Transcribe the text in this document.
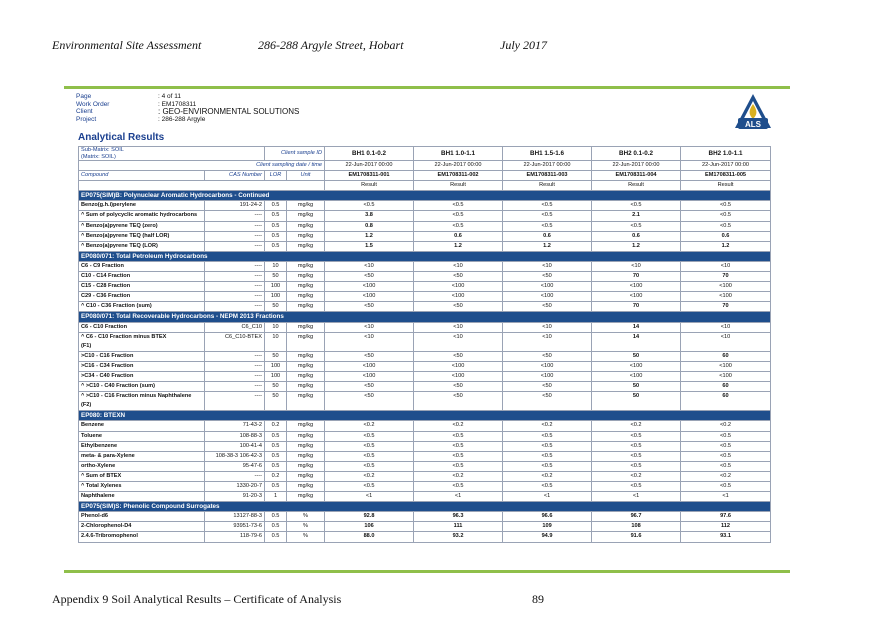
Environmental Site Assessment	286-288 Argyle Street, Hobart	July 2017
Page	: 4 of 11
Work Order	: EM1708311
Client	: GEO-ENVIRONMENTAL SOLUTIONS
Project	: 286-288 Argyle
ALS
Analytical Results
Sub-Matrix: SOIL
(Matrix: SOIL)		Client sample ID		BH1 0.1-0.2	BH1 1.0-1.1	BH1 1.5-1.6	BH2 0.1-0.2	BH2 1.0-1.1
Client sampling date / time				22-Jun-2017 00:00	22-Jun-2017 00:00	22-Jun-2017 00:00	22-Jun-2017 00:00	22-Jun-2017 00:00
Compound	CAS Number	LOR	Unit	EM1708311-001	EM1708311-002	EM1708311-003	EM1708311-004	EM1708311-005
				Result	Result	Result	Result	Result
EP075(SIM)B: Polynuclear Aromatic Hydrocarbons - Continued								

Benzo(g.h.i)perylene	191-24-2	0.5	mg/kg	<0.5	<0.5	<0.5	<0.5	<0.5

^ Sum of polycyclic aromatic hydrocarbons	----	0.5	mg/kg	3.8	<0.5	<0.5	2.1	<0.5

^ Benzo(a)pyrene TEQ (zero)	----	0.5	mg/kg	0.8	<0.5	<0.5	<0.5	<0.5

^ Benzo(a)pyrene TEQ (half LOR)	----	0.5	mg/kg	1.2	0.6	0.6	0.6	0.6

^ Benzo(a)pyrene TEQ (LOR)	----	0.5	mg/kg	1.5	1.2	1.2	1.2	1.2
EP080/071: Total Petroleum Hydrocarbons								

C6 - C9 Fraction	----	10	mg/kg	<10	<10	<10	<10	<10

C10 - C14 Fraction	----	50	mg/kg	<50	<50	<50	70	70

C15 - C28 Fraction	----	100	mg/kg	<100	<100	<100	<100	<100

C29 - C36 Fraction	----	100	mg/kg	<100	<100	<100	<100	<100

^ C10 - C36 Fraction (sum)	----	50	mg/kg	<50	<50	<50	70	70
EP080/071: Total Recoverable Hydrocarbons - NEPM 2013 Fractions								

C6 - C10 Fraction	C6_C10	10	mg/kg	<10	<10	<10	14	<10

^ C6 - C10 Fraction minus BTEX
(F1)	C6_C10-BTEX	10	mg/kg	<10	<10	<10	14	<10

>C10 - C16 Fraction	----	50	mg/kg	<50	<50	<50	50	60

>C16 - C34 Fraction	----	100	mg/kg	<100	<100	<100	<100	<100

>C34 - C40 Fraction	----	100	mg/kg	<100	<100	<100	<100	<100

^ >C10 - C40 Fraction (sum)	----	50	mg/kg	<50	<50	<50	50	60

^ >C10 - C16 Fraction minus Naphthalene
(F2)	----	50	mg/kg	<50	<50	<50	50	60
EP080: BTEXN								

Benzene	71-43-2	0.2	mg/kg	<0.2	<0.2	<0.2	<0.2	<0.2

Toluene	108-88-3	0.5	mg/kg	<0.5	<0.5	<0.5	<0.5	<0.5

Ethylbenzene	100-41-4	0.5	mg/kg	<0.5	<0.5	<0.5	<0.5	<0.5

meta- & para-Xylene	108-38-3 106-42-3	0.5	mg/kg	<0.5	<0.5	<0.5	<0.5	<0.5

ortho-Xylene	95-47-6	0.5	mg/kg	<0.5	<0.5	<0.5	<0.5	<0.5

^ Sum of BTEX	----	0.2	mg/kg	<0.2	<0.2	<0.2	<0.2	<0.2

^ Total Xylenes	1330-20-7	0.5	mg/kg	<0.5	<0.5	<0.5	<0.5	<0.5

Naphthalene	91-20-3	1	mg/kg	<1	<1	<1	<1	<1
EP075(SIM)S: Phenolic Compound Surrogates								

Phenol-d6	13127-88-3	0.5	%	92.8	96.3	96.6	96.7	97.6

2-Chlorophenol-D4	93951-73-6	0.5	%	106	111	109	108	112

2.4.6-Tribromophenol	118-79-6	0.5	%	88.0	93.2	94.9	91.6	93.1
Appendix 9 Soil Analytical Results – Certificate of Analysis	89
